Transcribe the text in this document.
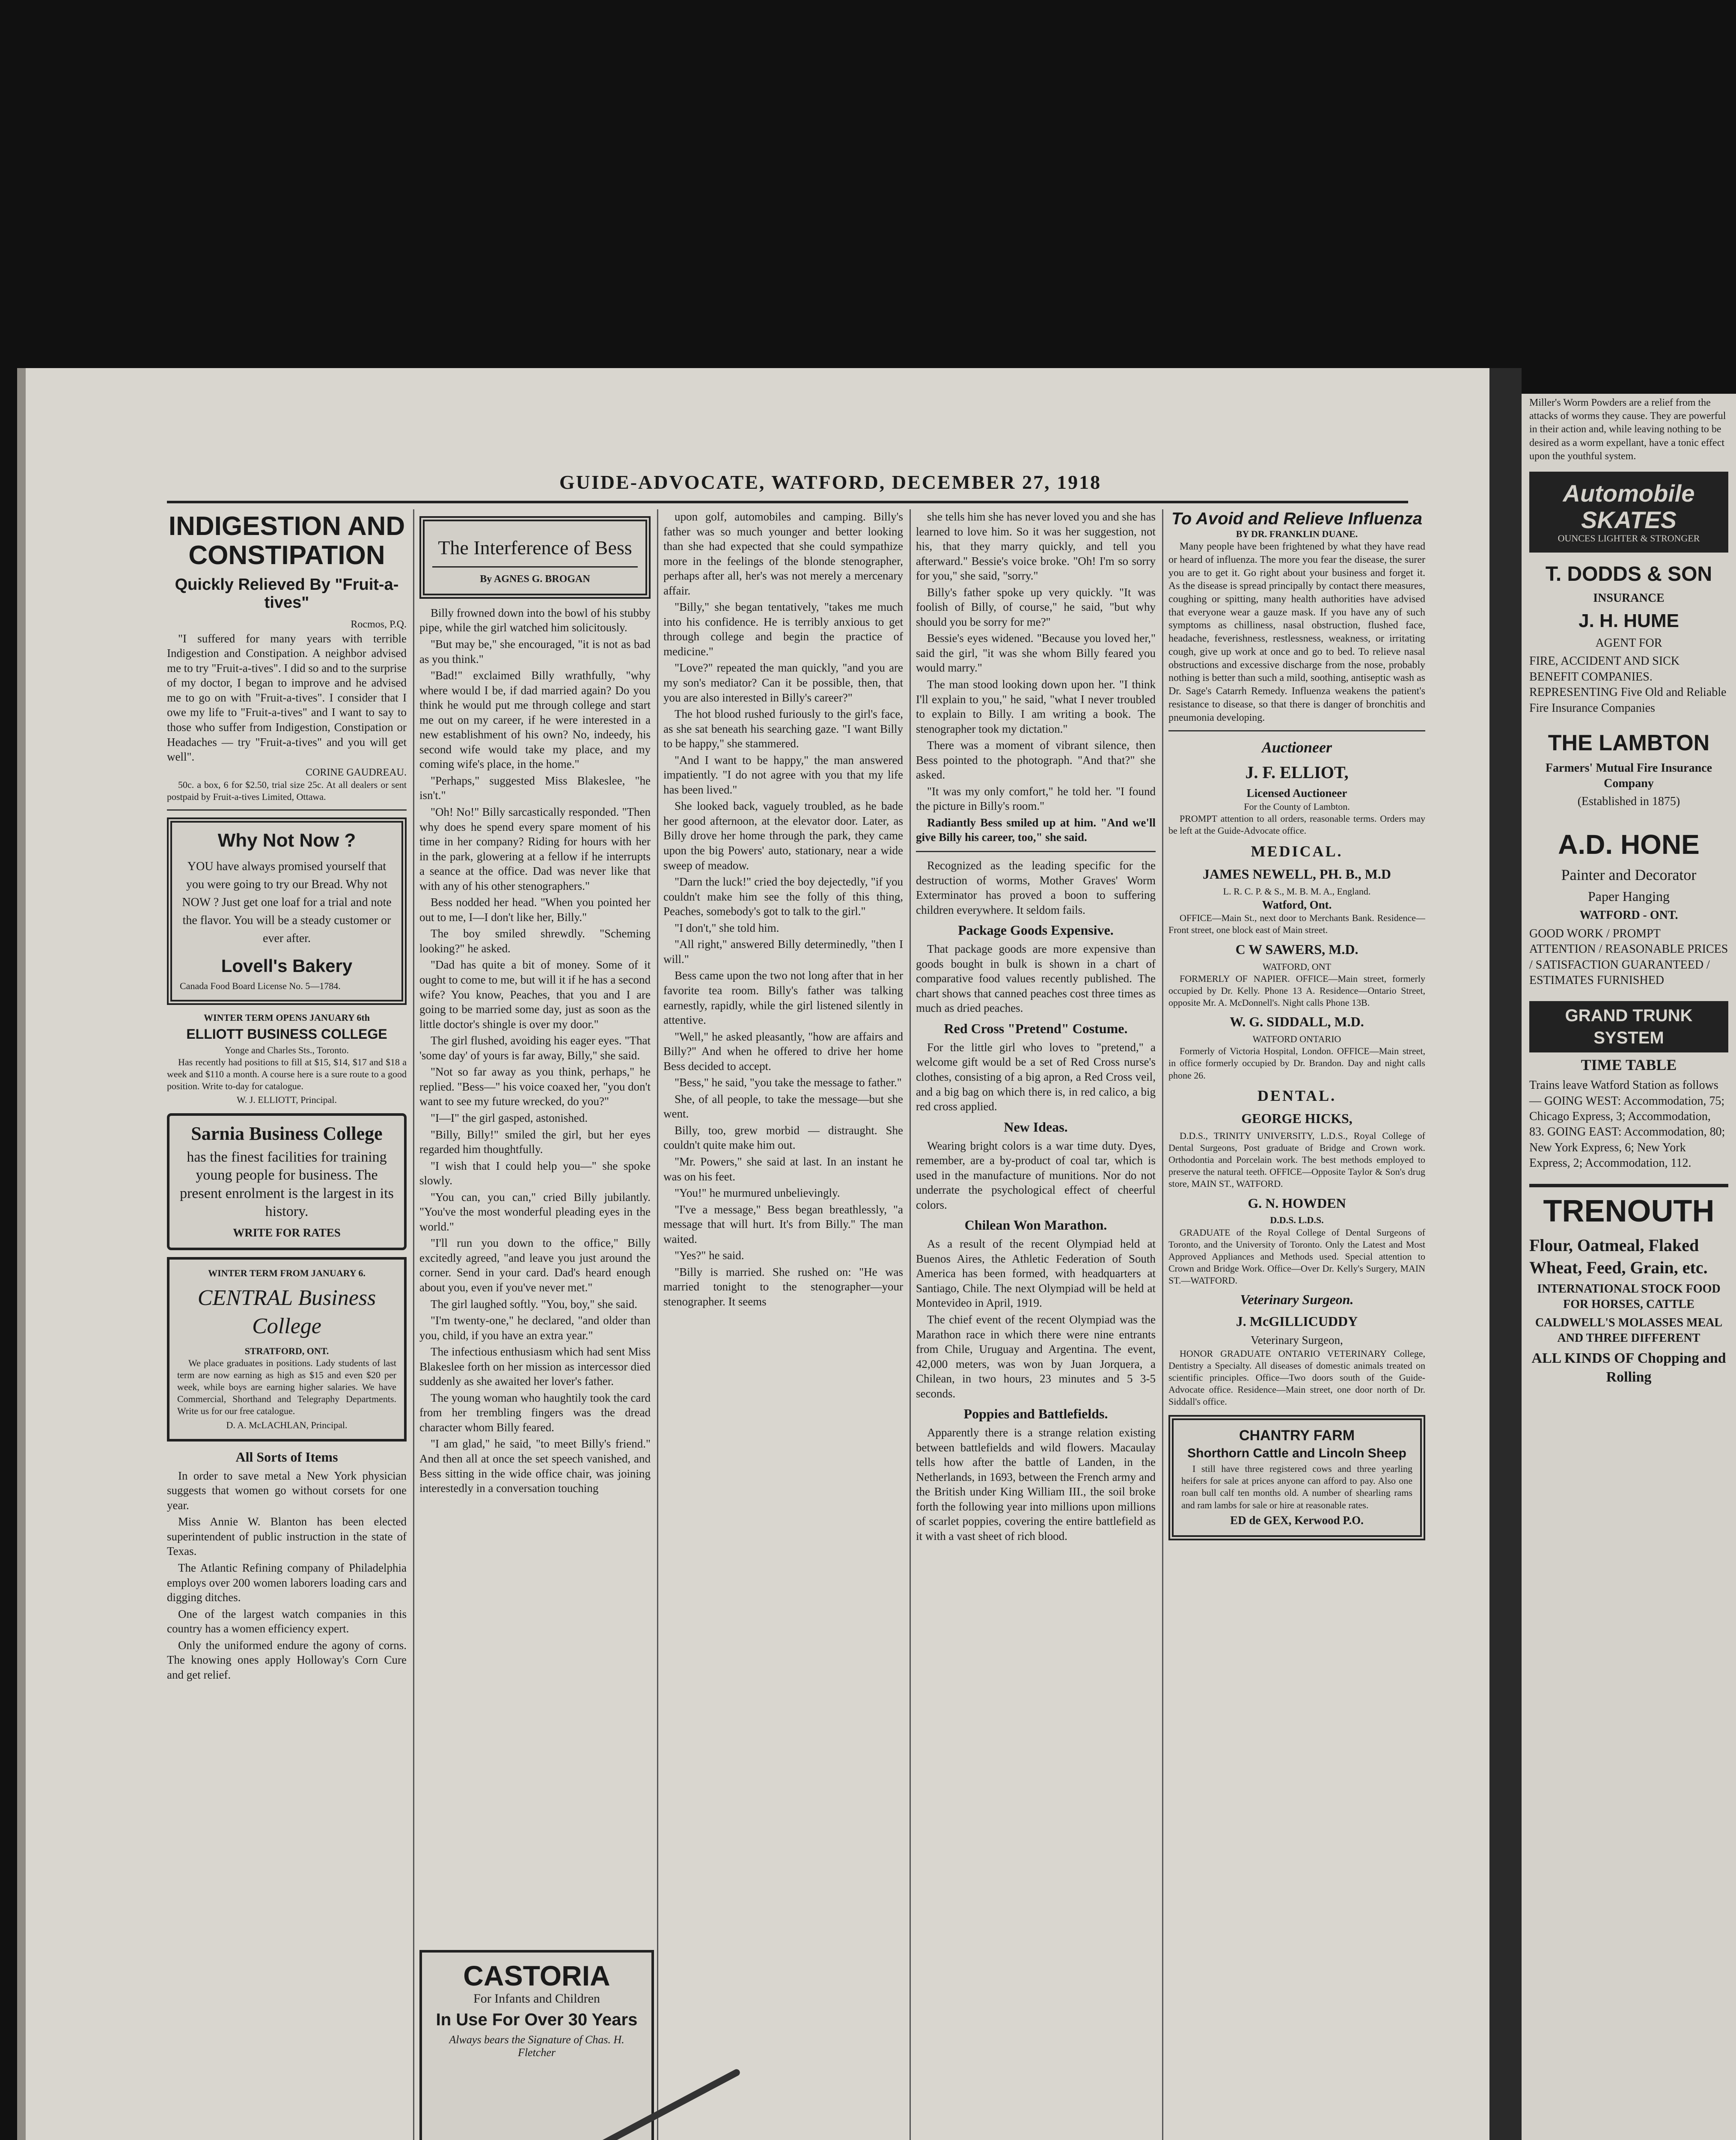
GUIDE-ADVOCATE, WATFORD, DECEMBER 27, 1918
INDIGESTION AND CONSTIPATION
Quickly Relieved By "Fruit-a-tives"
Rocmos, P.Q.

"I suffered for many years with terrible Indigestion and Constipation. A neighbor advised me to try "Fruit-a-tives". I did so and to the surprise of my doctor, I began to improve and he advised me to go on with "Fruit-a-tives". I consider that I owe my life to "Fruit-a-tives" and I want to say to those who suffer from Indigestion, Constipation or Headaches — try "Fruit-a-tives" and you will get well".

CORINE GAUDREAU.

50c. a box, 6 for $2.50, trial size 25c. At all dealers or sent postpaid by Fruit-a-tives Limited, Ottawa.

Why Not Now ?
YOU have always promised yourself that you were going to try our Bread. Why not NOW ? Just get one loaf for a trial and note the flavor. You will be a steady customer or ever after.
Lovell's Bakery
Canada Food Board License No. 5—1784.
WINTER TERM OPENS JANUARY 6th
ELLIOTT BUSINESS COLLEGE
Yonge and Charles Sts., Toronto.

Has recently had positions to fill at $15, $14, $17 and $18 a week and $110 a month. A course here is a sure route to a good position. Write to-day for catalogue.

W. J. ELLIOTT, Principal.
Sarnia Business College
has the finest facilities for training young people for business. The present enrolment is the largest in its history.
WRITE FOR RATES
WINTER TERM FROM JANUARY 6.
CENTRAL Business College
STRATFORD, ONT.

We place graduates in positions. Lady students of last term are now earning as high as $15 and even $20 per week, while boys are earning higher salaries. We have Commercial, Shorthand and Telegraphy Departments. Write us for our free catalogue.

D. A. McLACHLAN, Principal.
All Sorts of Items

In order to save metal a New York physician suggests that women go without corsets for one year.

Miss Annie W. Blanton has been elected superintendent of public instruction in the state of Texas.

The Atlantic Refining company of Philadelphia employs over 200 women laborers loading cars and digging ditches.

One of the largest watch companies in this country has a women efficiency expert.

Only the uniformed endure the agony of corns. The knowing ones apply Holloway's Corn Cure and get relief.

The Interference of Bess
By AGNES G. BROGAN

Billy frowned down into the bowl of his stubby pipe, while the girl watched him solicitously.

"But may be," she encouraged, "it is not as bad as you think."

"Bad!" exclaimed Billy wrathfully, "why where would I be, if dad married again? Do you think he would put me through college and start me out on my career, if he were interested in a new establishment of his own? No, indeedy, his second wife would take my place, and my coming wife's place, in the home."

"Perhaps," suggested Miss Blakeslee, "he isn't."

"Oh! No!" Billy sarcastically responded. "Then why does he spend every spare moment of his time in her company? Riding for hours with her in the park, glowering at a fellow if he interrupts a seance at the office. Dad was never like that with any of his other stenographers."

Bess nodded her head. "When you pointed her out to me, I—I don't like her, Billy."

The boy smiled shrewdly. "Scheming looking?" he asked.

"Dad has quite a bit of money. Some of it ought to come to me, but will it if he has a second wife? You know, Peaches, that you and I are going to be married some day, just as soon as the little doctor's shingle is over my door."

The girl flushed, avoiding his eager eyes. "That 'some day' of yours is far away, Billy," she said.

"Not so far away as you think, perhaps," he replied. "Bess—" his voice coaxed her, "you don't want to see my future wrecked, do you?"

"I—I" the girl gasped, astonished.

"Billy, Billy!" smiled the girl, but her eyes regarded him thoughtfully.

"I wish that I could help you—" she spoke slowly.

"You can, you can," cried Billy jubilantly. "You've the most wonderful pleading eyes in the world."

"I'll run you down to the office," Billy excitedly agreed, "and leave you just around the corner. Send in your card. Dad's heard enough about you, even if you've never met."

The girl laughed softly. "You, boy," she said.

"I'm twenty-one," he declared, "and older than you, child, if you have an extra year."

The infectious enthusiasm which had sent Miss Blakeslee forth on her mission as intercessor died suddenly as she awaited her lover's father.

The young woman who haughtily took the card from her trembling fingers was the dread character whom Billy feared.

"I am glad," he said, "to meet Billy's friend." And then all at once the set speech vanished, and Bess sitting in the wide office chair, was joining interestedly in a conversation touching

CASTORIA
For Infants and Children
In Use For Over 30 Years
Always bears the Signature of Chas. H. Fletcher

upon golf, automobiles and camping. Billy's father was so much younger and better looking than she had expected that she could sympathize more in the feelings of the blonde stenographer, perhaps after all, her's was not merely a mercenary affair.

"Billy," she began tentatively, "takes me much into his confidence. He is terribly anxious to get through college and begin the practice of medicine."

"Love?" repeated the man quickly, "and you are my son's mediator? Can it be possible, then, that you are also interested in Billy's career?"

The hot blood rushed furiously to the girl's face, as she sat beneath his searching gaze. "I want Billy to be happy," she stammered.

"And I want to be happy," the man answered impatiently. "I do not agree with you that my life has been lived."

She looked back, vaguely troubled, as he bade her good afternoon, at the elevator door. Later, as Billy drove her home through the park, they came upon the big Powers' auto, stationary, near a wide sweep of meadow.

"Darn the luck!" cried the boy dejectedly, "if you couldn't make him see the folly of this thing, Peaches, somebody's got to talk to the girl."

"I don't," she told him.

"All right," answered Billy determinedly, "then I will."

Bess came upon the two not long after that in her favorite tea room. Billy's father was talking earnestly, rapidly, while the girl listened silently in attentive.

"Well," he asked pleasantly, "how are affairs and Billy?" And when he offered to drive her home Bess decided to accept.

"Bess," he said, "you take the message to father."

She, of all people, to take the message—but she went.

Billy, too, grew morbid — distraught. She couldn't quite make him out.

"Mr. Powers," she said at last. In an instant he was on his feet.

"You!" he murmured unbelievingly.

"I've a message," Bess began breathlessly, "a message that will hurt. It's from Billy." The man waited.

"Yes?" he said.

"Billy is married. She rushed on: "He was married tonight to the stenographer—your stenographer. It seems

she tells him she has never loved you and she has learned to love him. So it was her suggestion, not his, that they marry quickly, and tell you afterward." Bessie's voice broke. "Oh! I'm so sorry for you," she said, "sorry."

Billy's father spoke up very quickly. "It was foolish of Billy, of course," he said, "but why should you be sorry for me?"

Bessie's eyes widened. "Because you loved her," said the girl, "it was she whom Billy feared you would marry."

The man stood looking down upon her. "I think I'll explain to you," he said, "what I never troubled to explain to Billy. I am writing a book. The stenographer took my dictation."

There was a moment of vibrant silence, then Bess pointed to the photograph. "And that?" she asked.

"It was my only comfort," he told her. "I found the picture in Billy's room."

Radiantly Bess smiled up at him. "And we'll give Billy his career, too," she said.

Recognized as the leading specific for the destruction of worms, Mother Graves' Worm Exterminator has proved a boon to suffering children everywhere. It seldom fails.

Package Goods Expensive.

That package goods are more expensive than goods bought in bulk is shown in a chart of comparative food values recently published. The chart shows that canned peaches cost three times as much as dried peaches.

Red Cross "Pretend" Costume.

For the little girl who loves to "pretend," a welcome gift would be a set of Red Cross nurse's clothes, consisting of a big apron, a Red Cross veil, and a big bag on which there is, in red calico, a big red cross applied.

New Ideas.

Wearing bright colors is a war time duty. Dyes, remember, are a by-product of coal tar, which is used in the manufacture of munitions. Nor do not underrate the psychological effect of cheerful colors.

Chilean Won Marathon.

As a result of the recent Olympiad held at Buenos Aires, the Athletic Federation of South America has been formed, with headquarters at Santiago, Chile. The next Olympiad will be held at Montevideo in April, 1919.

The chief event of the recent Olympiad was the Marathon race in which there were nine entrants from Chile, Uruguay and Argentina. The event, 42,000 meters, was won by Juan Jorquera, a Chilean, in two hours, 23 minutes and 5 3-5 seconds.

Poppies and Battlefields.

Apparently there is a strange relation existing between battlefields and wild flowers. Macaulay tells how after the battle of Landen, in the Netherlands, in 1693, between the French army and the British under King William III., the soil broke forth the following year into millions upon millions of scarlet poppies, covering the entire battlefield as it with a vast sheet of rich blood.

To Avoid and Relieve Influenza
BY DR. FRANKLIN DUANE.

Many people have been frightened by what they have read or heard of influenza. The more you fear the disease, the surer you are to get it. Go right about your business and forget it. As the disease is spread principally by contact there measures, coughing or spitting, many health authorities have advised that everyone wear a gauze mask. If you have any of such symptoms as chilliness, nasal obstruction, flushed face, headache, feverishness, restlessness, weakness, or irritating cough, give up work at once and go to bed. To relieve nasal obstructions and excessive discharge from the nose, probably nothing is better than such a mild, soothing, antiseptic wash as Dr. Sage's Catarrh Remedy. Influenza weakens the patient's resistance to disease, so that there is danger of bronchitis and pneumonia developing.

Auctioneer
J. F. ELLIOT,
Licensed Auctioneer
For the County of Lambton.

PROMPT attention to all orders, reasonable terms. Orders may be left at the Guide-Advocate office.

MEDICAL.
JAMES NEWELL, PH. B., M.D
L. R. C. P. & S., M. B. M. A., England.
Watford, Ont.

OFFICE—Main St., next door to Merchants Bank. Residence—Front street, one block east of Main street.

C W SAWERS, M.D.
WATFORD, ONT

FORMERLY OF NAPIER. OFFICE—Main street, formerly occupied by Dr. Kelly. Phone 13 A. Residence—Ontario Street, opposite Mr. A. McDonnell's. Night calls Phone 13B.

W. G. SIDDALL, M.D.
WATFORD ONTARIO

Formerly of Victoria Hospital, London. OFFICE—Main street, in office formerly occupied by Dr. Brandon. Day and night calls phone 26.

DENTAL.
GEORGE HICKS,

D.D.S., TRINITY UNIVERSITY, L.D.S., Royal College of Dental Surgeons, Post graduate of Bridge and Crown work. Orthodontia and Porcelain work. The best methods employed to preserve the natural teeth. OFFICE—Opposite Taylor & Son's drug store, MAIN ST., WATFORD.

G. N. HOWDEN
D.D.S. L.D.S.

GRADUATE of the Royal College of Dental Surgeons of Toronto, and the University of Toronto. Only the Latest and Most Approved Appliances and Methods used. Special attention to Crown and Bridge Work. Office—Over Dr. Kelly's Surgery, MAIN ST.—WATFORD.

Veterinary Surgeon.
J. McGILLICUDDY
Veterinary Surgeon,

HONOR GRADUATE ONTARIO VETERINARY College, Dentistry a Specialty. All diseases of domestic animals treated on scientific principles. Office—Two doors south of the Guide-Advocate office. Residence—Main street, one door north of Dr. Siddall's office.

CHANTRY FARM
Shorthorn Cattle and Lincoln Sheep

I still have three registered cows and three yearling heifers for sale at prices anyone can afford to pay. Also one roan bull calf ten months old. A number of shearling rams and ram lambs for sale or hire at reasonable rates.

ED de GEX, Kerwood P.O.
Miller's Worm Powders are a relief from the attacks of worms they cause. They are powerful in their action and, while leaving nothing to be desired as a worm expellant, have a tonic effect upon the youthful system.
Automobile SKATES
OUNCES LIGHTER & STRONGER
T. DODDS & SON
INSURANCE
J. H. HUME
AGENT FOR
FIRE, ACCIDENT AND SICK BENEFIT COMPANIES. REPRESENTING Five Old and Reliable Fire Insurance Companies
THE LAMBTON
Farmers' Mutual Fire Insurance Company
(Established in 1875)
A.D. HONE
Painter and Decorator
Paper Hanging
WATFORD - ONT.
GOOD WORK / PROMPT ATTENTION / REASONABLE PRICES / SATISFACTION GUARANTEED / ESTIMATES FURNISHED
GRAND TRUNK SYSTEM
TIME TABLE
Trains leave Watford Station as follows — GOING WEST: Accommodation, 75; Chicago Express, 3; Accommodation, 83. GOING EAST: Accommodation, 80; New York Express, 6; New York Express, 2; Accommodation, 112.
TRENOUTH
Flour, Oatmeal, Flaked Wheat, Feed, Grain, etc.
INTERNATIONAL STOCK FOOD FOR HORSES, CATTLE
CALDWELL'S MOLASSES MEAL AND THREE DIFFERENT
ALL KINDS OF Chopping and Rolling
